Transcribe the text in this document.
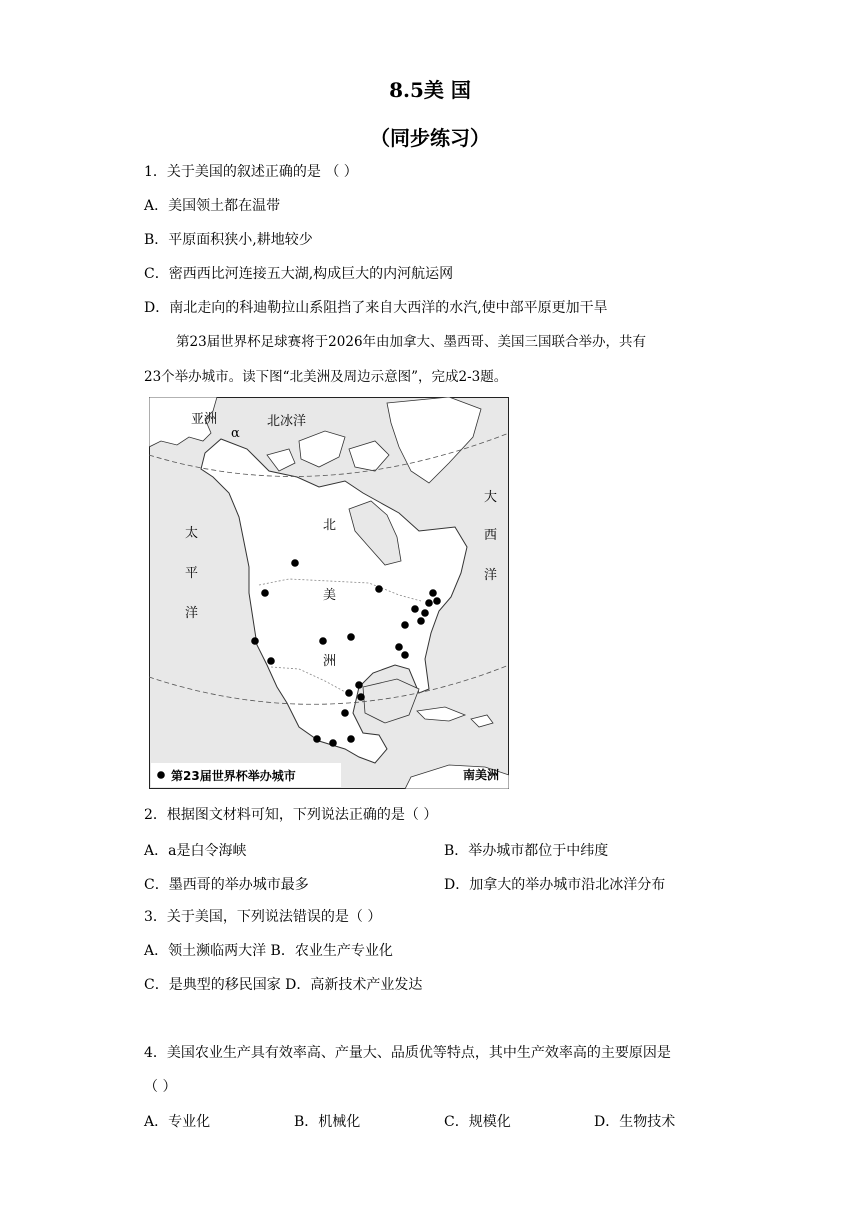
8.5美 国
（同步练习）
1．关于美国的叙述正确的是 （ ）
A．美国领土都在温带
B．平原面积狭小,耕地较少
C．密西西比河连接五大湖,构成巨大的内河航运网
D．南北走向的科迪勒拉山系阻挡了来自大西洋的水汽,使中部平原更加干旱
第23届世界杯足球赛将于2026年由加拿大、墨西哥、美国三国联合举办，共有
23个举办城市。读下图“北美洲及周边示意图”，完成2-3题。
亚洲
α
北冰洋
大
西
洋
太
平
洋
北
美
洲
第23届世界杯举办城市	南美洲
2．根据图文材料可知，下列说法正确的是（ ）
A．a是白令海峡	B．举办城市都位于中纬度
C．墨西哥的举办城市最多	D．加拿大的举办城市沿北冰洋分布
3．关于美国，下列说法错误的是（ ）
A．领土濒临两大洋 B．农业生产专业化
C．是典型的移民国家 D．高新技术产业发达
4．美国农业生产具有效率高、产量大、品质优等特点，其中生产效率高的主要原因是
（ ）
A．专业化	B．机械化	C．规模化	D．生物技术
